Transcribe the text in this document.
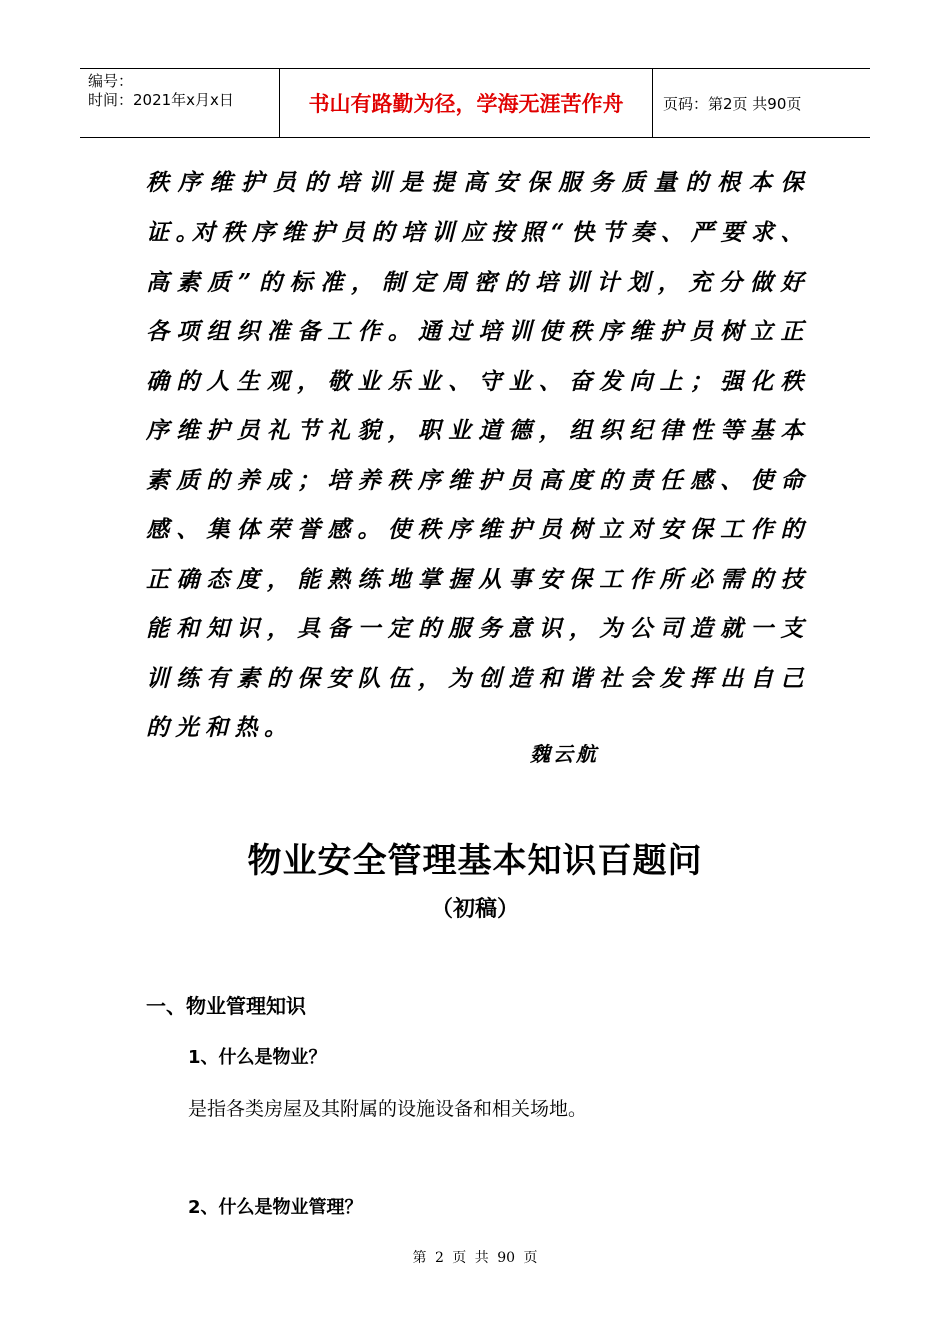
编号：
时间：2021年x月x日	书山有路勤为径，学海无涯苦作舟	页码：第2页 共90页
秩序维护员的培训是提高安保服务质量的根本保证。
对秩序维护员的培训应按照“快节奏、严要求、高素质”的标准，制定周密的培训计划，充分做好各项组织准备工作。通过培训使秩序维护员树立正确的人生观，敬业乐业、守业、奋发向上；强化秩序维护员礼节礼貌，职业道德，组织纪律性等基本素质的养成；培养秩序维护员高度的责任感、使命感、集体荣誉感。使秩序维护员树立对安保工作的正确态度，能熟练地掌握从事安保工作所必需的技能和知识，具备一定的服务意识，为公司造就一支训练有素的保安队伍，为创造和谐社会发挥出自己的光和热。
魏云航
物业安全管理基本知识百题问
（初稿）
一、物业管理知识
1、什么是物业？
是指各类房屋及其附属的设施设备和相关场地。
2、什么是物业管理？
第 2 页 共 90 页
